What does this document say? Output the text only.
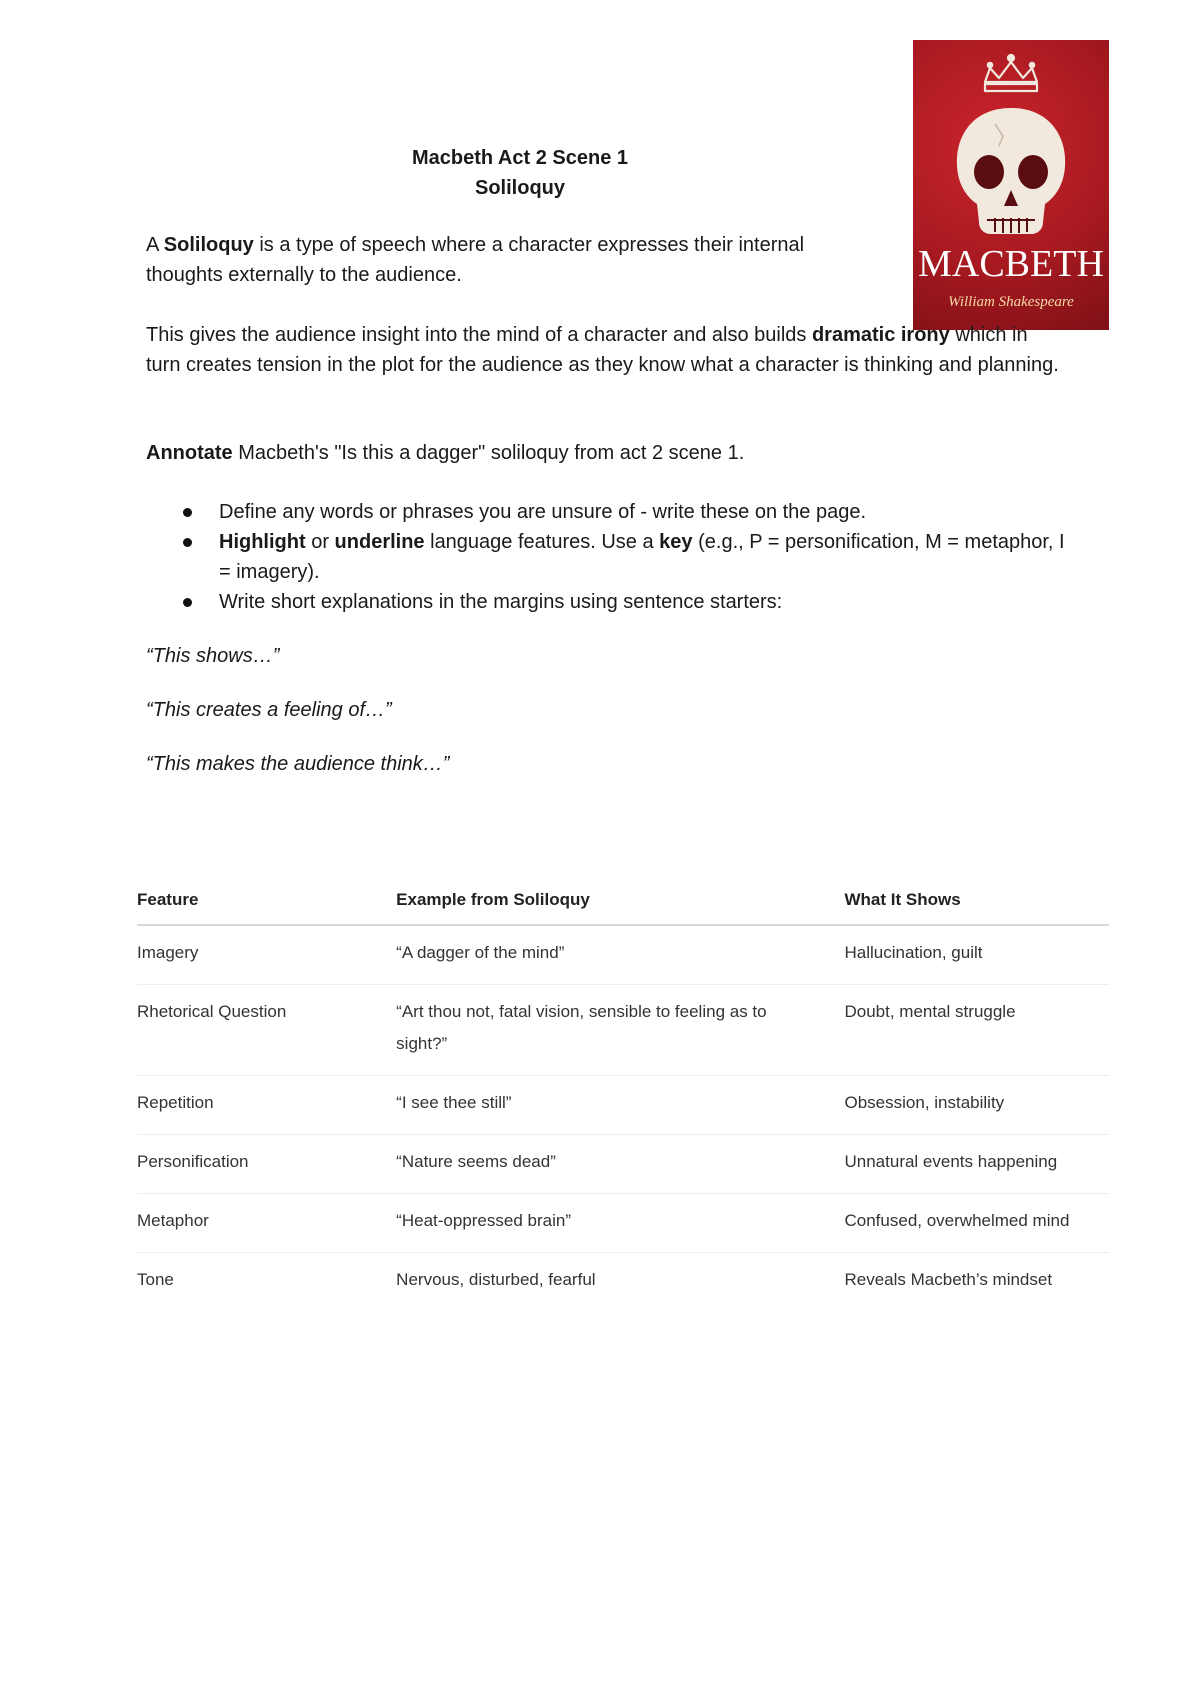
Macbeth Act 2 Scene 1
Soliloquy
MACBETH
William Shakespeare
A Soliloquy is a type of speech where a character expresses their internal thoughts externally to the audience.
This gives the audience insight into the mind of a character and also builds dramatic irony which in turn creates tension in the plot for the audience as they know what a character is thinking and planning.
Annotate Macbeth's "Is this a dagger" soliloquy from act 2 scene 1.
Define any words or phrases you are unsure of - write these on the page.
Highlight or underline language features. Use a key (e.g., P = personification, M = metaphor, I = imagery).
Write short explanations in the margins using sentence starters:
“This shows…”
“This creates a feeling of…”
“This makes the audience think…”
Feature	Example from Soliloquy	What It Shows
Imagery	“A dagger of the mind”	Hallucination, guilt
Rhetorical Question	“Art thou not, fatal vision, sensible to feeling as to sight?”	Doubt, mental struggle
Repetition	“I see thee still”	Obsession, instability
Personification	“Nature seems dead”	Unnatural events happening
Metaphor	“Heat-oppressed brain”	Confused, overwhelmed mind
Tone	Nervous, disturbed, fearful	Reveals Macbeth’s mindset
